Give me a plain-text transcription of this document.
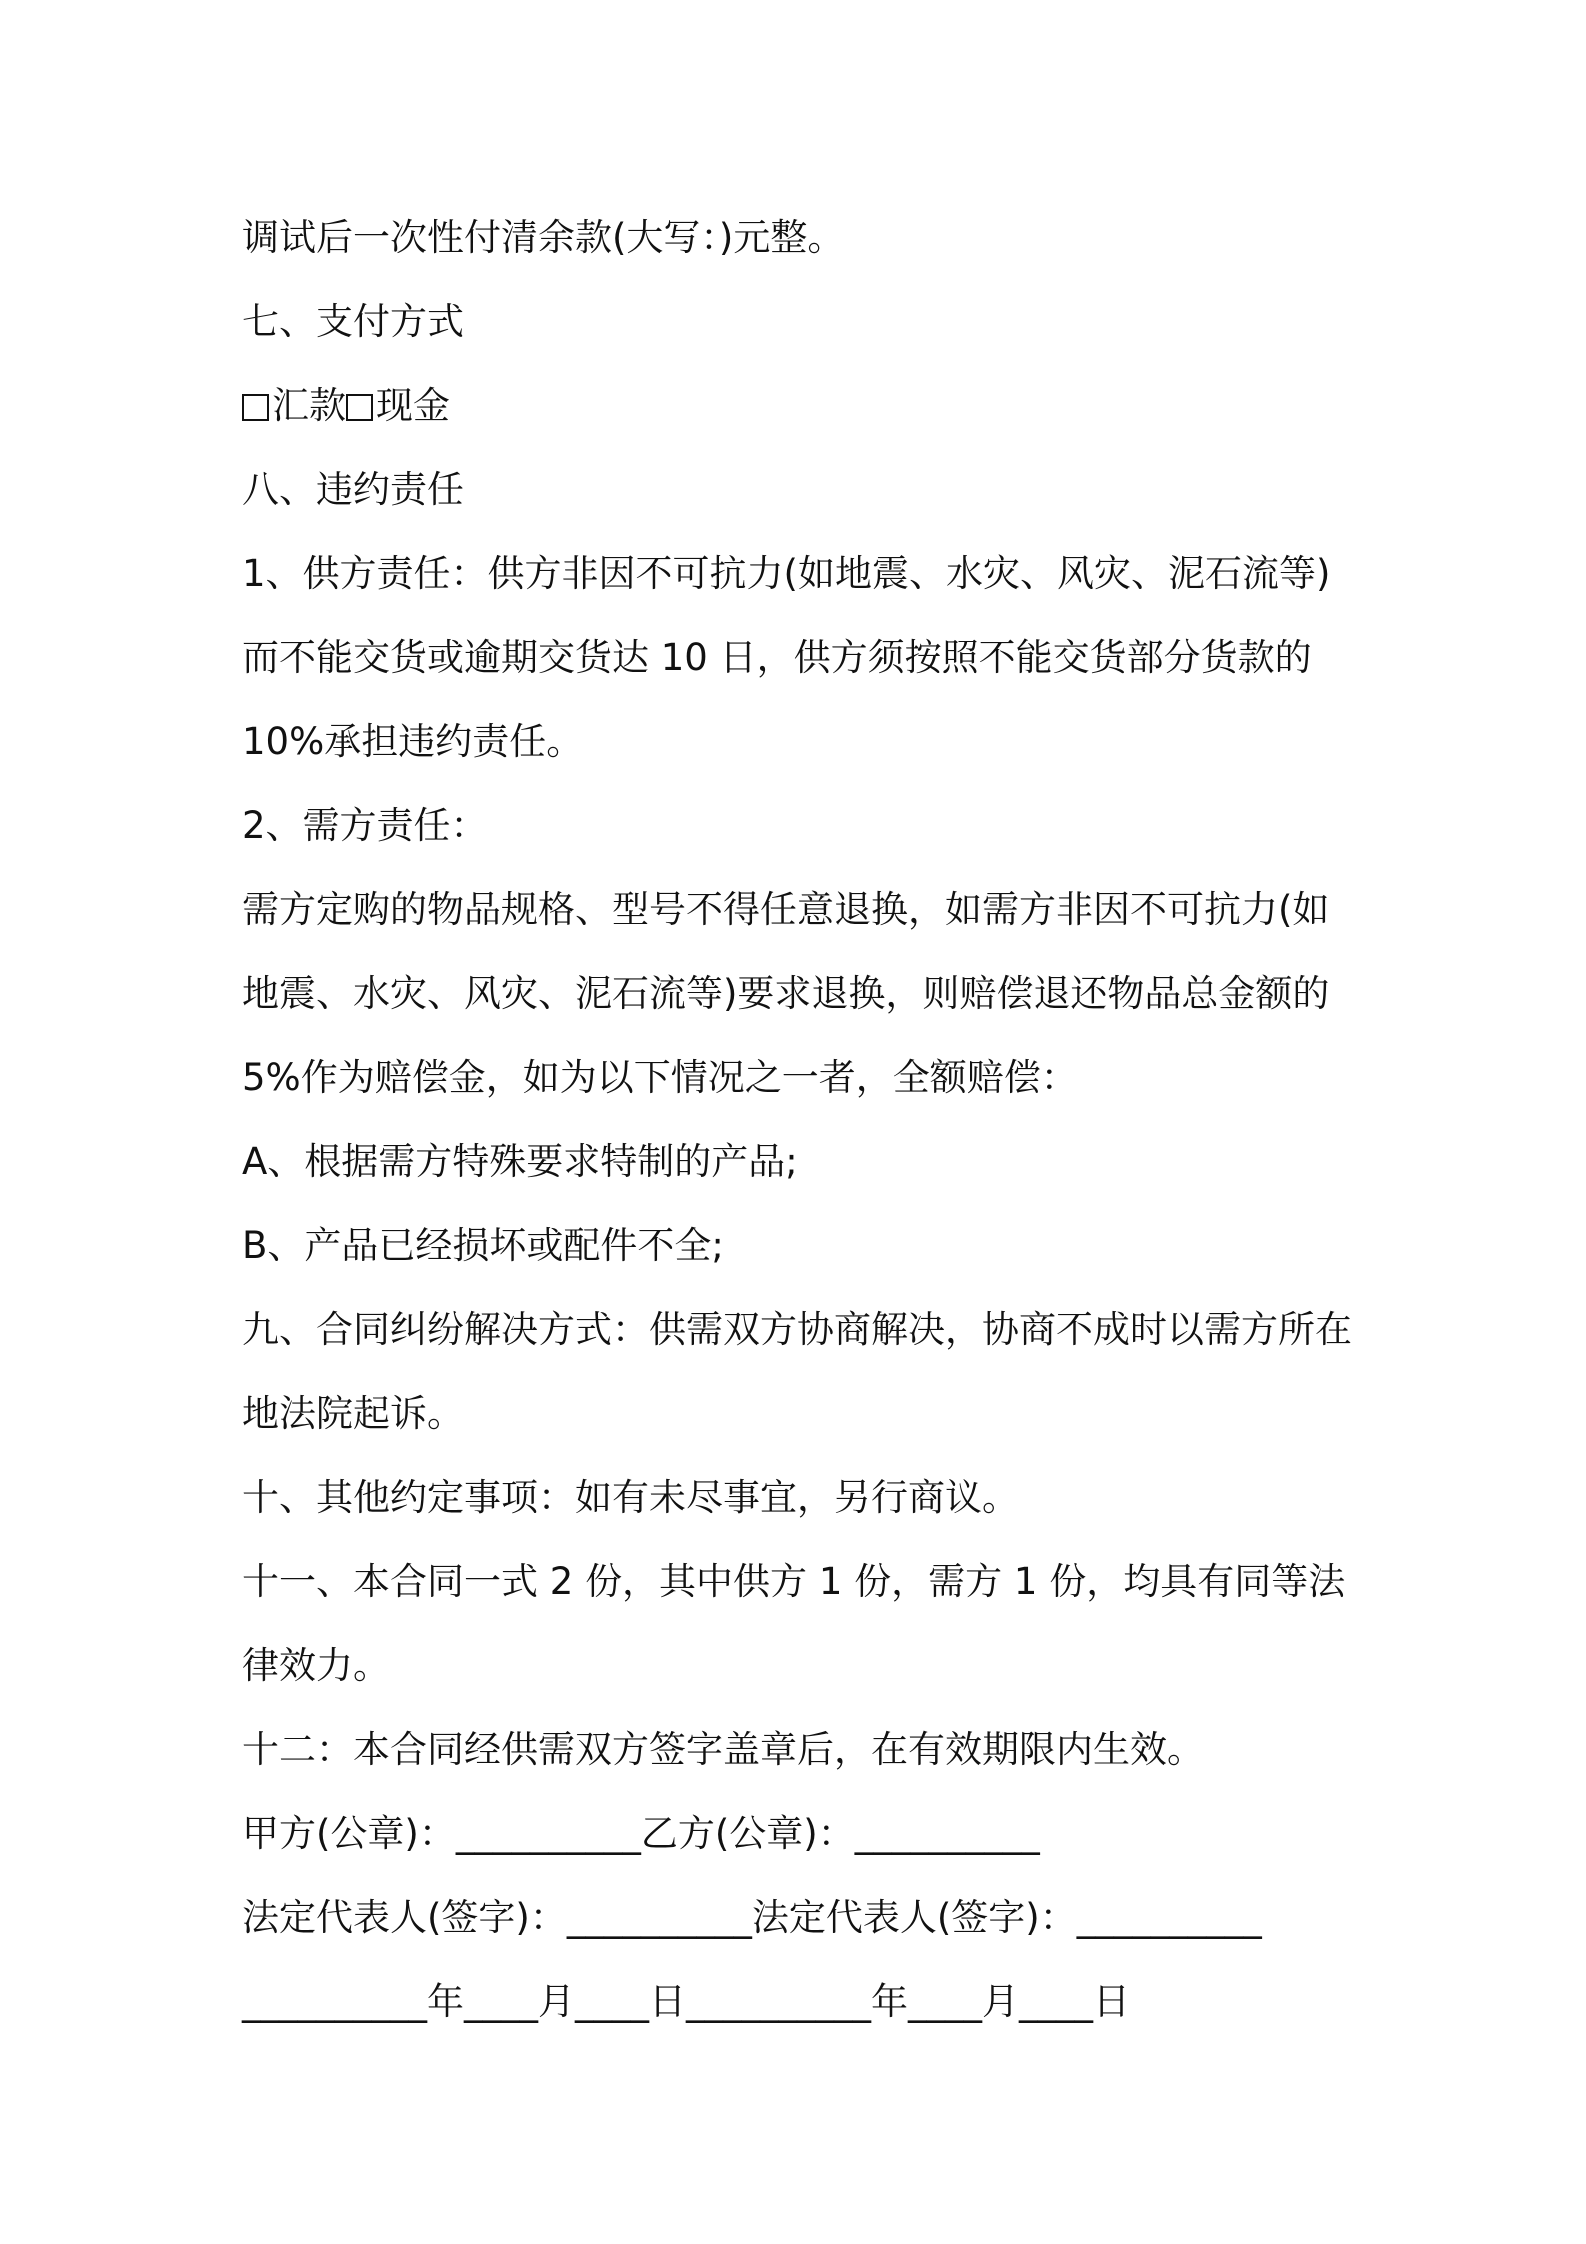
调试后一次性付清余款(大写：)元整。
七、支付方式
汇款 现金
八、违约责任
1、供方责任：供方非因不可抗力(如地震、水灾、风灾、泥石流等)
而不能交货或逾期交货达 10 日，供方须按照不能交货部分货款的
10%承担违约责任。
2、需方责任：
需方定购的物品规格、型号不得任意退换，如需方非因不可抗力(如
地震、水灾、风灾、泥石流等)要求退换，则赔偿退还物品总金额的
5%作为赔偿金，如为以下情况之一者，全额赔偿：
A、根据需方特殊要求特制的产品;
B、产品已经损坏或配件不全;
九、合同纠纷解决方式：供需双方协商解决，协商不成时以需方所在
地法院起诉。
十、其他约定事项：如有未尽事宜，另行商议。
十一、本合同一式 2 份，其中供方 1 份，需方 1 份，均具有同等法
律效力。
十二：本合同经供需双方签字盖章后，在有效期限内生效。
甲方(公章)：__________乙方(公章)：__________
法定代表人(签字)：__________法定代表人(签字)：__________
__________年____月____日__________年____月____日
